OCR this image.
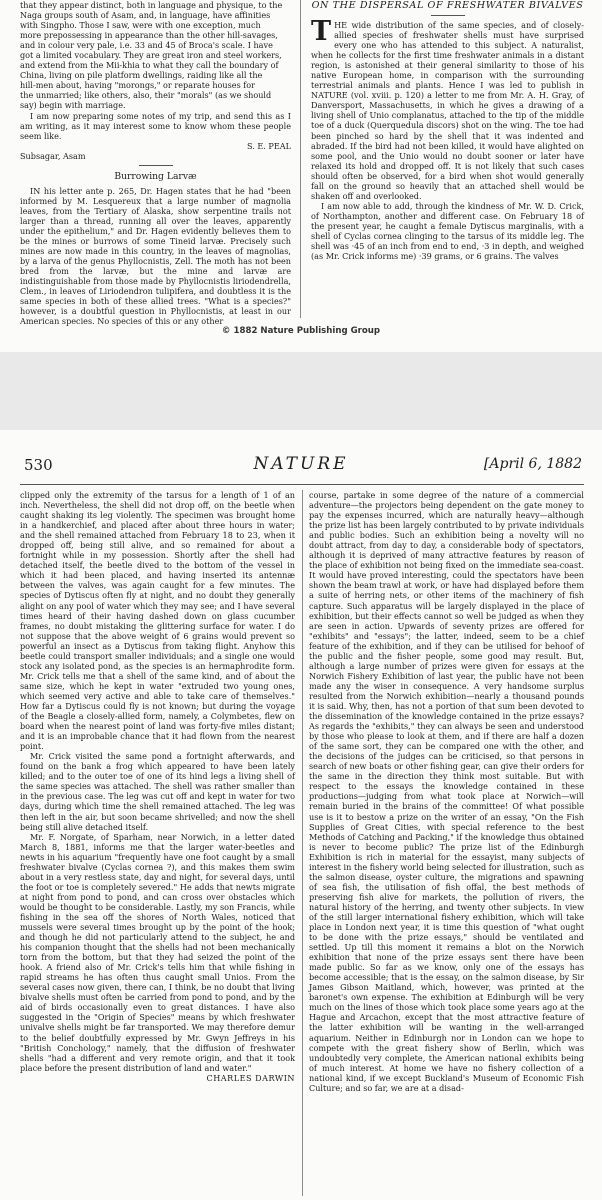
that they appear distinct, both in language and physique, to the
Naga groups south of Asam, and, in language, have affinities
with Singpho. Those I saw, were with one exception, much
more prepossessing in appearance than the other hill-savages,
and in colour very pale, i.e. 33 and 45 of Broca's scale. I have
got a limited vocabulary. They are great iron and steel workers,
and extend from the Mii-khia to what they call the boundary of
China, living on pile platform dwellings, raiding like all the
hill-men about, having "morongs," or reparate houses for
the unmarried; like others, also, their "morals" (as we should
say) begin with marriage.

I am now preparing some notes of my trip, and send this as I am writing, as it may interest some to know whom these people seem like.

S. E. PEAL
Subsagar, Asam
Burrowing Larvæ

IN his letter ante p. 265, Dr. Hagen states that he had "been informed by M. Lesquereux that a large number of magnolia leaves, from the Tertiary of Alaska, show serpentine trails not larger than a thread, running all over the leaves, apparently under the epithelium," and Dr. Hagen evidently believes them to be the mines or burrows of some Tineid larvæ. Precisely such mines are now made in this country, in the leaves of magnolias, by a larva of the genus Phyllocnistis, Zell. The moth has not been bred from the larvæ, but the mine and larvæ are indistinguishable from those made by Phyllocnistis liriodendrella, Clem., in leaves of Liriodendron tulipifera, and doubtless it is the same species in both of these allied trees. "What is a species?" however, is a doubtful question in Phyllocnistis, at least in our American species. No species of this or any other

ON THE DISPERSAL OF FRESHWATER BIVALVES

THE wide distribution of the same species, and of closely-allied species of freshwater shells must have surprised every one who has attended to this subject. A naturalist, when he collects for the first time freshwater animals in a distant region, is astonished at their general similarity to those of his native European home, in comparison with the surrounding terrestrial animals and plants. Hence I was led to publish in NATURE (vol. xviii. p. 120) a letter to me from Mr. A. H. Gray, of Danversport, Massachusetts, in which he gives a drawing of a living shell of Unio complanatus, attached to the tip of the middle toe of a duck (Querquedula discors) shot on the wing. The toe had been pinched so hard by the shell that it was indented and abraded. If the bird had not been killed, it would have alighted on some pool, and the Unio would no doubt sooner or later have relaxed its hold and dropped off. It is not likely that such cases should often be observed, for a bird when shot would generally fall on the ground so heavily that an attached shell would be shaken off and overlooked.

I am now able to add, through the kindness of Mr. W. D. Crick, of Northampton, another and different case. On February 18 of the present year, he caught a female Dytiscus marginalis, with a shell of Cyclas cornea clinging to the tarsus of its middle leg. The shell was ·45 of an inch from end to end, ·3 in depth, and weighed (as Mr. Crick informs me) ·39 grams, or 6 grains. The valves

© 1882 Nature Publishing Group
530	NATURE	[April 6, 1882

clipped only the extremity of the tarsus for a length of 1 of an inch. Nevertheless, the shell did not drop off, on the beetle when caught shaking its leg violently. The specimen was brought home in a handkerchief, and placed after about three hours in water; and the shell remained attached from February 18 to 23, when it dropped off, being still alive, and so remained for about a fortnight while in my possession. Shortly after the shell had detached itself, the beetle dived to the bottom of the vessel in which it had been placed, and having inserted its antennæ between the valves, was again caught for a few minutes. The species of Dytiscus often fly at night, and no doubt they generally alight on any pool of water which they may see; and I have several times heard of their having dashed down on glass cucumber frames, no doubt mistaking the glittering surface for water. I do not suppose that the above weight of 6 grains would prevent so powerful an insect as a Dytiscus from taking flight. Anyhow this beetle could transport smaller individuals; and a single one would stock any isolated pond, as the species is an hermaphrodite form. Mr. Crick tells me that a shell of the same kind, and of about the same size, which he kept in water "extruded two young ones, which seemed very active and able to take care of themselves." How far a Dytiscus could fly is not known; but during the voyage of the Beagle a closely-allied form, namely, a Colymbetes, flew on board when the nearest point of land was forty-five miles distant; and it is an improbable chance that it had flown from the nearest point.

Mr. Crick visited the same pond a fortnight afterwards, and found on the bank a frog which appeared to have been lately killed; and to the outer toe of one of its hind legs a living shell of the same species was attached. The shell was rather smaller than in the previous case. The leg was cut off and kept in water for two days, during which time the shell remained attached. The leg was then left in the air, but soon became shrivelled; and now the shell being still alive detached itself.

Mr. F. Norgate, of Sparham, near Norwich, in a letter dated March 8, 1881, informs me that the larger water-beetles and newts in his aquarium "frequently have one foot caught by a small freshwater bivalve (Cyclas cornea ?), and this makes them swim about in a very restless state, day and night, for several days, until the foot or toe is completely severed." He adds that newts migrate at night from pond to pond, and can cross over obstacles which would be thought to be considerable. Lastly, my son Francis, while fishing in the sea off the shores of North Wales, noticed that mussels were several times brought up by the point of the hook; and though he did not particularly attend to the subject, he and his companion thought that the shells had not been mechanically torn from the bottom, but that they had seized the point of the hook. A friend also of Mr. Crick's tells him that while fishing in rapid streams he has often thus caught small Unios. From the several cases now given, there can, I think, be no doubt that living bivalve shells must often be carried from pond to pond, and by the aid of birds occasionally even to great distances. I have also suggested in the "Origin of Species" means by which freshwater univalve shells might be far transported. We may therefore demur to the belief doubtfully expressed by Mr. Gwyn Jeffreys in his "British Conchology," namely, that the diffusion of freshwater shells "had a different and very remote origin, and that it took place before the present distribution of land and water."

CHARLES DARWIN

course, partake in some degree of the nature of a commercial adventure—the projectors being dependent on the gate money to pay the expenses incurred, which are naturally heavy—although the prize list has been largely contributed to by private individuals and public bodies. Such an exhibition being a novelty will no doubt attract, from day to day, a considerable body of spectators, although it is deprived of many attractive features by reason of the place of exhibition not being fixed on the immediate sea-coast. It would have proved interesting, could the spectators have been shown the beam trawl at work, or have had displayed before them a suite of herring nets, or other items of the machinery of fish capture. Such apparatus will be largely displayed in the place of exhibition, but their effects cannot so well be judged as when they are seen in action. Upwards of seventy prizes are offered for "exhibits" and "essays"; the latter, indeed, seem to be a chief feature of the exhibition, and if they can be utilised for behoof of the public and the fisher people, some good may result. But, although a large number of prizes were given for essays at the Norwich Fishery Exhibition of last year, the public have not been made any the wiser in consequence. A very handsome surplus resulted from the Norwich exhibition—nearly a thousand pounds it is said. Why, then, has not a portion of that sum been devoted to the dissemination of the knowledge contained in the prize essays? As regards the "exhibits," they can always be seen and understood by those who please to look at them, and if there are half a dozen of the same sort, they can be compared one with the other, and the decisions of the judges can be criticised, so that persons in search of new boats or other fishing gear, can give their orders for the same in the direction they think most suitable. But with respect to the essays the knowledge contained in these productions—judging from what took place at Norwich—will remain buried in the brains of the committee! Of what possible use is it to bestow a prize on the writer of an essay, "On the Fish Supplies of Great Cities, with special reference to the best Methods of Catching and Packing," if the knowledge thus obtained is never to become public? The prize list of the Edinburgh Exhibition is rich in material for the essayist, many subjects of interest in the fishery world being selected for illustration, such as the salmon disease, oyster culture, the migrations and spawning of sea fish, the utilisation of fish offal, the best methods of preserving fish alive for markets, the pollution of rivers, the natural history of the herring, and twenty other subjects. In view of the still larger international fishery exhibition, which will take place in London next year, it is time this question of "what ought to be done with the prize essays," should be ventilated and settled. Up till this moment it remains a blot on the Norwich exhibition that none of the prize essays sent there have been made public. So far as we know, only one of the essays has become accessible; that is the essay, on the salmon disease, by Sir James Gibson Maitland, which, however, was printed at the baronet's own expense. The exhibition at Edinburgh will be very much on the lines of those which took place some years ago at the Hague and Arcachon, except that the most attractive feature of the latter exhibition will be wanting in the well-arranged aquarium. Neither in Edinburgh nor in London can we hope to compete with the great fishery show of Berlin, which was undoubtedly very complete, the American national exhibits being of much interest. At home we have no fishery collection of a national kind, if we except Buckland's Museum of Economic Fish Culture; and so far, we are at a disad-
